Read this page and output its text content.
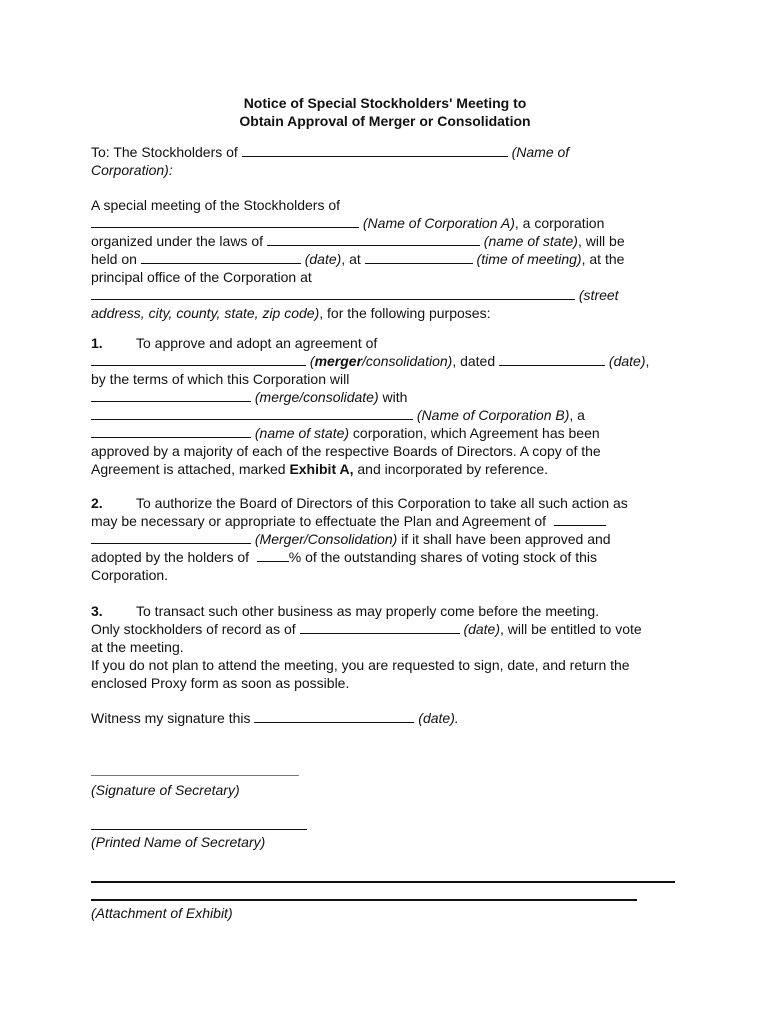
Notice of Special Stockholders' Meeting to
Obtain Approval of Merger or Consolidation

To: The Stockholders of	(Name of

Corporation):

A special meeting of the Stockholders of

(Name of Corporation A), a corporation

organized under the laws of	(name of state), will be

held on	(date), at	(time of meeting), at the

principal office of the Corporation at

(street

address, city, county, state, zip code), for the following purposes:

1. To approve and adopt an agreement of

(merger/consolidation), dated	(date),

by the terms of which this Corporation will

(merge/consolidate) with

(Name of Corporation B), a

(name of state) corporation, which Agreement has been

approved by a majority of each of the respective Boards of Directors. A copy of the

Agreement is attached, marked Exhibit A, and incorporated by reference.

2. To authorize the Board of Directors of this Corporation to take all such action as

may be necessary or appropriate to effectuate the Plan and Agreement of

(Merger/Consolidation) if it shall have been approved and

adopted by the holders of	% of the outstanding shares of voting stock of this

Corporation.

3. To transact such other business as may properly come before the meeting.

Only stockholders of record as of	(date), will be entitled to vote

at the meeting.

If you do not plan to attend the meeting, you are requested to sign, date, and return the

enclosed Proxy form as soon as possible.

Witness my signature this	(date).

(Signature of Secretary)
(Printed Name of Secretary)
(Attachment of Exhibit)
